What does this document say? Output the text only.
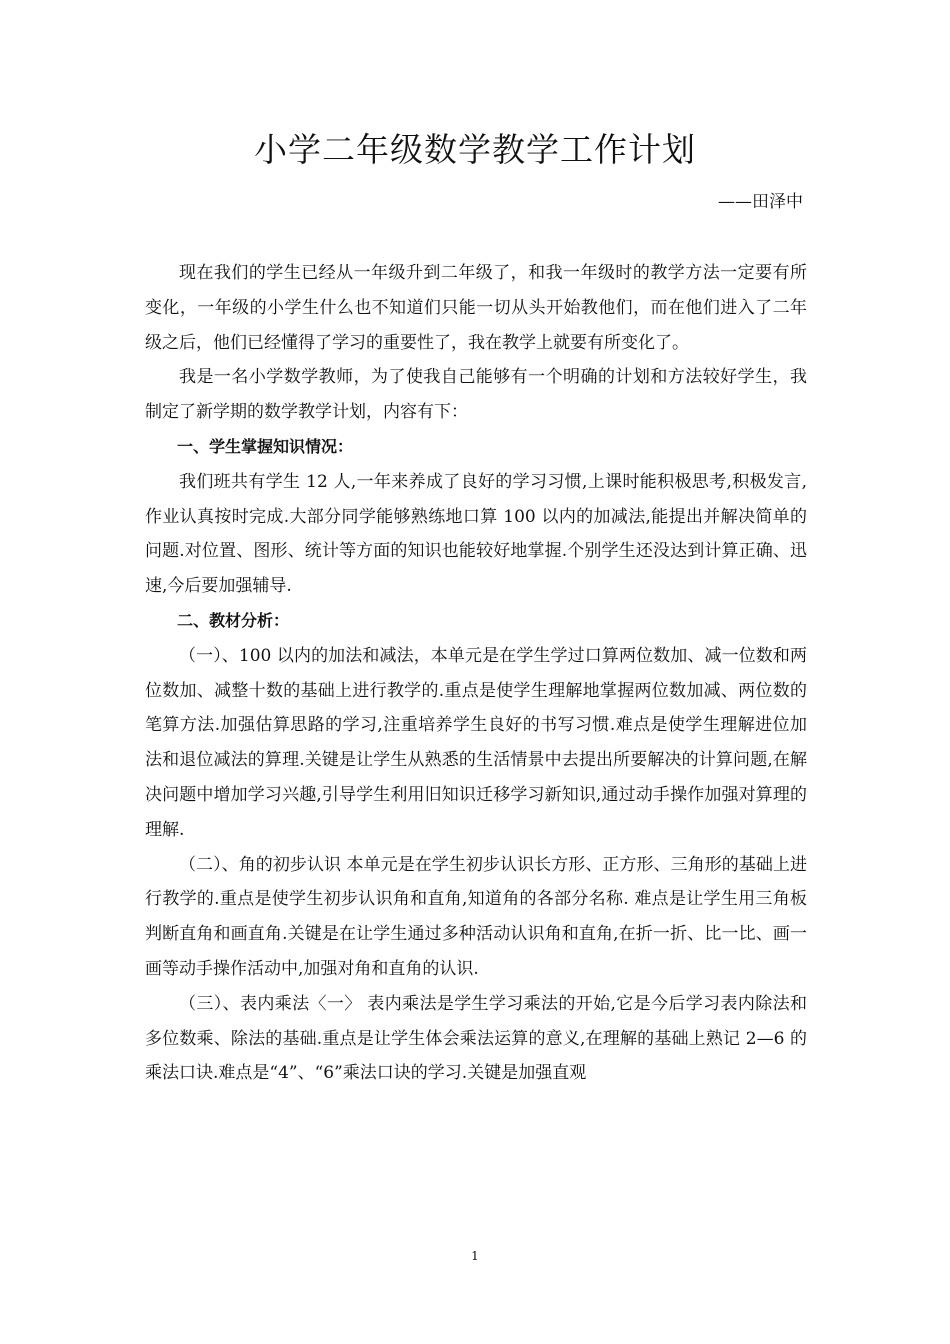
小学二年级数学教学工作计划
——田泽中

现在我们的学生已经从一年级升到二年级了，和我一年级时的教学方法一定要有所变化，一年级的小学生什么也不知道们只能一切从头开始教他们，而在他们进入了二年级之后，他们已经懂得了学习的重要性了，我在教学上就要有所变化了。

我是一名小学数学教师，为了使我自己能够有一个明确的计划和方法较好学生，我制定了新学期的数学教学计划，内容有下：

一、学生掌握知识情况：

我们班共有学生 12 人,一年来养成了良好的学习习惯,上课时能积极思考,积极发言,作业认真按时完成.大部分同学能够熟练地口算 100 以内的加减法,能提出并解决简单的问题.对位置、图形、统计等方面的知识也能较好地掌握.个别学生还没达到计算正确、迅速,今后要加强辅导.

二、教材分析：

（一）、100 以内的加法和减法，本单元是在学生学过口算两位数加、减一位数和两位数加、减整十数的基础上进行教学的.重点是使学生理解地掌握两位数加减、两位数的笔算方法.加强估算思路的学习,注重培养学生良好的书写习惯.难点是使学生理解进位加法和退位减法的算理.关键是让学生从熟悉的生活情景中去提出所要解决的计算问题,在解决问题中增加学习兴趣,引导学生利用旧知识迁移学习新知识,通过动手操作加强对算理的理解.

（二）、角的初步认识 本单元是在学生初步认识长方形、正方形、三角形的基础上进行教学的.重点是使学生初步认识角和直角,知道角的各部分名称. 难点是让学生用三角板判断直角和画直角.关键是在让学生通过多种活动认识角和直角,在折一折、比一比、画一画等动手操作活动中,加强对角和直角的认识.

（三）、表内乘法〈一〉 表内乘法是学生学习乘法的开始,它是今后学习表内除法和多位数乘、除法的基础.重点是让学生体会乘法运算的意义,在理解的基础上熟记 2—6 的乘法口诀.难点是“4”、“6”乘法口诀的学习.关键是加强直观

1
